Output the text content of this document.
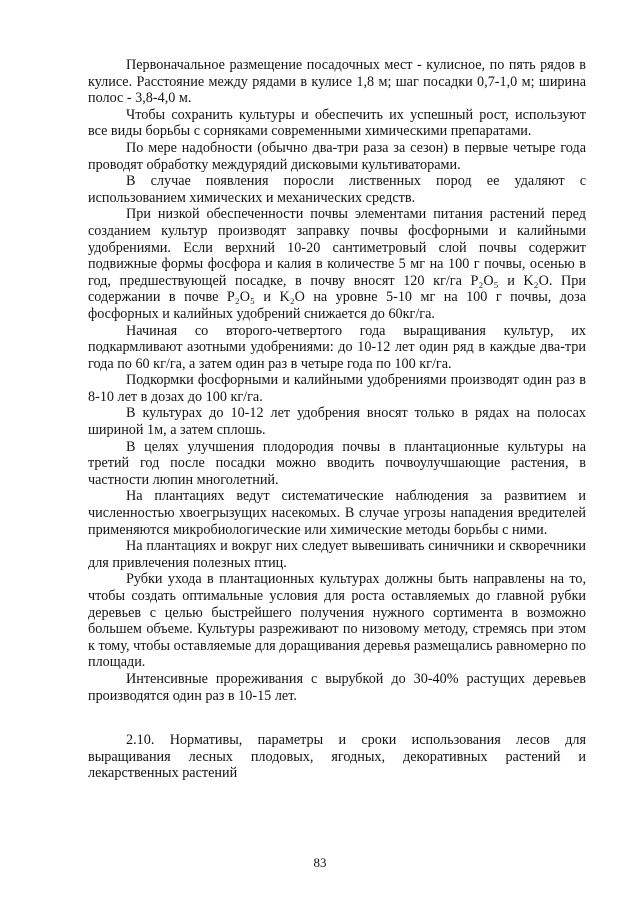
Первоначальное размещение посадочных мест - кулисное, по пять рядов в кулисе. Расстояние между рядами в кулисе 1,8 м; шаг посадки 0,7-1,0 м; ширина полос - 3,8-4,0 м.

Чтобы сохранить культуры и обеспечить их успешный рост, используют все виды борьбы с сорняками современными химическими препаратами.

По мере надобности (обычно два-три раза за сезон) в первые четыре года проводят обработку междурядий дисковыми культиваторами.

В случае появления поросли лиственных пород ее удаляют с использованием химических и механических средств.

При низкой обеспеченности почвы элементами питания растений перед созданием культур производят заправку почвы фосфорными и калийными удобрениями. Если верхний 10-20 сантиметровый слой почвы содержит подвижные формы фосфора и калия в количестве 5 мг на 100 г почвы, осенью в год, предшествующей посадке, в почву вносят 120 кг/га P₂O₅ и K₂O. При содержании в почве P₂O₅ и K₂O на уровне 5-10 мг на 100 г почвы, доза фосфорных и калийных удобрений снижается до 60кг/га.

Начиная со второго-четвертого года выращивания культур, их подкармливают азотными удобрениями: до 10-12 лет один ряд в каждые два-три года по 60 кг/га, а затем один раз в четыре года по 100 кг/га.

Подкормки фосфорными и калийными удобрениями производят один раз в 8-10 лет в дозах до 100 кг/га.

В культурах до 10-12 лет удобрения вносят только в рядах на полосах шириной 1м, а затем сплошь.

В целях улучшения плодородия почвы в плантационные культуры на третий год после посадки можно вводить почвоулучшающие растения, в частности люпин многолетний.

На плантациях ведут систематические наблюдения за развитием и численностью хвоегрызущих насекомых. В случае угрозы нападения вредителей применяются микробиологические или химические методы борьбы с ними.

На плантациях и вокруг них следует вывешивать синичники и скворечники для привлечения полезных птиц.

Рубки ухода в плантационных культурах должны быть направлены на то, чтобы создать оптимальные условия для роста оставляемых до главной рубки деревьев с целью быстрейшего получения нужного сортимента в возможно большем объеме. Культуры разреживают по низовому методу, стремясь при этом к тому, чтобы оставляемые для доращивания деревья размещались равномерно по площади.

Интенсивные прореживания с вырубкой до 30-40% растущих деревьев производятся один раз в 10-15 лет.

2.10. Нормативы, параметры и сроки использования лесов для выращивания лесных плодовых, ягодных, декоративных растений и лекарственных растений

83
